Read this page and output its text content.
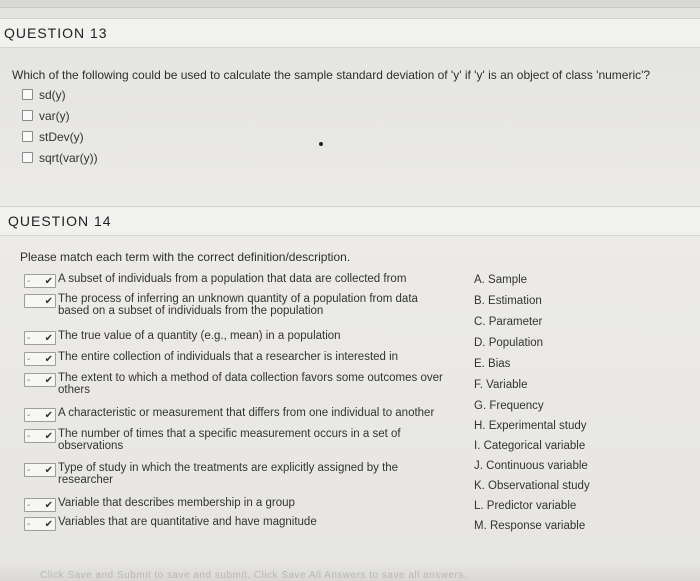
QUESTION 13
Which of the following could be used to calculate the sample standard deviation of 'y' if 'y' is an object of class 'numeric'?
sd(y)
var(y)
stDev(y)
sqrt(var(y))
QUESTION 14
Please match each term with the correct definition/description.
- ✔ A subset of individuals from a population that data are collected from
✔ The process of inferring an unknown quantity of a population from data based on a subset of individuals from the population
- ✔ The true value of a quantity (e.g., mean) in a population
- ✔ The entire collection of individuals that a researcher is interested in
- ✔ The extent to which a method of data collection favors some outcomes over others
- ✔ A characteristic or measurement that differs from one individual to another
- ✔ The number of times that a specific measurement occurs in a set of observations
- ✔ Type of study in which the treatments are explicitly assigned by the researcher
- ✔ Variable that describes membership in a group
- ✔ Variables that are quantitative and have magnitude
A. Sample
B. Estimation
C. Parameter
D. Population
E. Bias
F. Variable
G. Frequency
H. Experimental study
I. Categorical variable
J. Continuous variable
K. Observational study
L. Predictor variable
M. Response variable
Click Save and Submit to save and submit. Click Save All Answers to save all answers.
